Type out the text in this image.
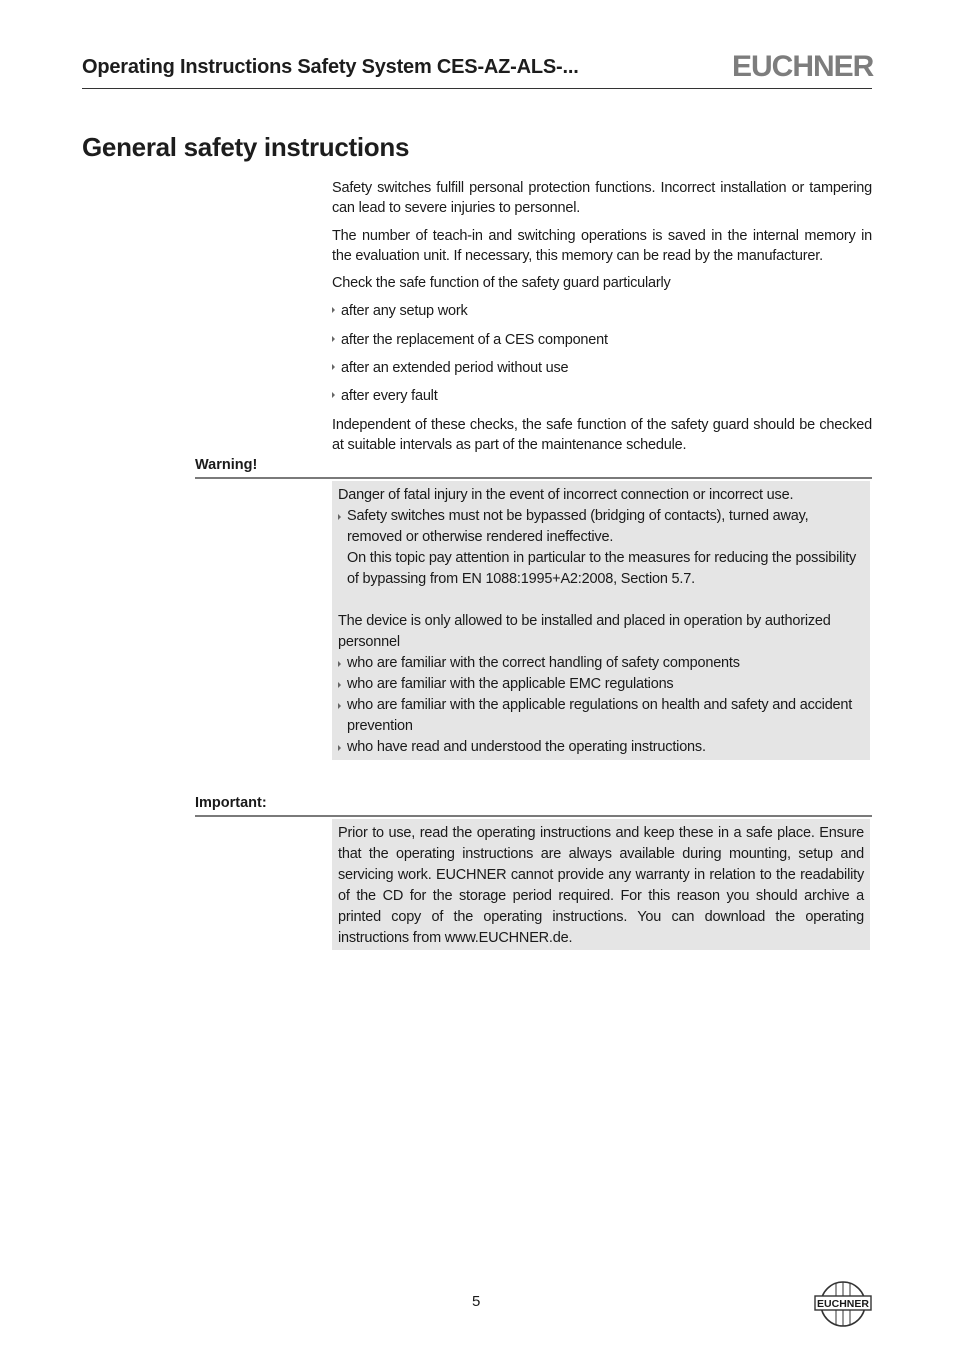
Operating Instructions Safety System CES-AZ-ALS-...	EUCHNER
General safety instructions
Safety switches fulfill personal protection functions. Incorrect installation or tampering can lead to severe injuries to personnel.
The number of teach-in and switching operations is saved in the internal memory in the evaluation unit. If necessary, this memory can be read by the manufacturer.
Check the safe function of the safety guard particularly
after any setup work
after the replacement of a CES component
after an extended period without use
after every fault
Independent of these checks, the safe function of the safety guard should be checked at suitable intervals as part of the maintenance schedule.
Warning!

Danger of fatal injury in the event of incorrect connection or incorrect use.

Safety switches must not be bypassed (bridging of contacts), turned away, removed or otherwise rendered ineffective.
On this topic pay attention in particular to the measures for reducing the possibility of bypassing from EN 1088:1995+A2:2008, Section 5.7.

The device is only allowed to be installed and placed in operation by authorized personnel

who are familiar with the correct handling of safety components
who are familiar with the applicable EMC regulations
who are familiar with the applicable regulations on health and safety and accident prevention
who have read and understood the operating instructions.
Important:

Prior to use, read the operating instructions and keep these in a safe place. Ensure that the operating instructions are always available during mounting, setup and servicing work. EUCHNER cannot provide any warranty in relation to the readability of the CD for the storage period required. For this reason you should archive a printed copy of the operating instructions. You can download the operating instructions from www.EUCHNER.de.

5	EUCHNER
